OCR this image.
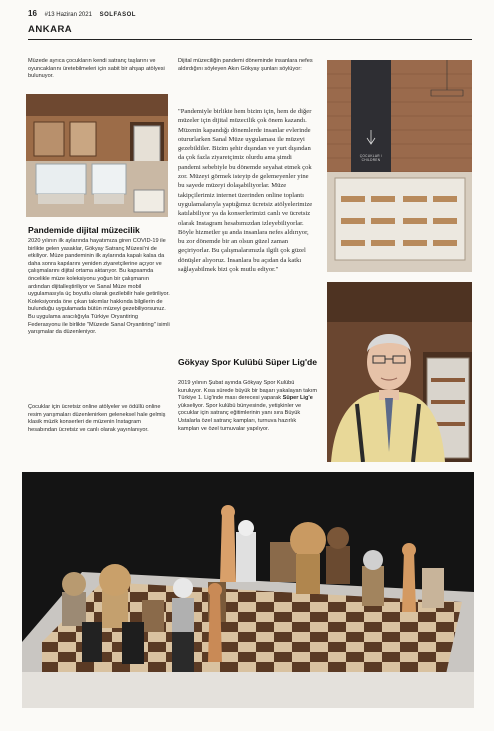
16 #13 Haziran 2021 SOLFASOL
ANKARA

Müzede ayrıca çocukların kendi satranç taşlarını ve oyuncaklarını üretebilmeleri için sabit bir ahşap atölyesi bulunuyor.

Pandemide dijital müzecilik

2020 yılının ilk aylarında hayatımıza giren COVID-19 ile birlikte gelen yasaklar, Gökyay Satranç Müzesi'ni de etkiliyor. Müze pandeminin ilk aylarında kapalı kalsa da daha sonra kapılarını yeniden ziyaretçilerine açıyor ve çalışmalarını dijital ortama aktarıyor. Bu kapsamda öncelikle müze koleksiyonu yoğun bir çalışmanın ardından dijitalleştiriliyor ve Sanal Müze mobil uygulamasıyla üç boyutlu olarak gezilebilir hale getiriliyor. Koleksiyonda öne çıkan takımlar hakkında bilgilerin de bulunduğu uygulamada bütün müzeyi gezebiliyorsunuz. Bu uygulama aracılığıyla Türkiye Oryantiring Federasyonu ile birlikte "Müzede Sanal Oryantiring" isimli yarışmalar da düzenleniyor.

Çocuklar için ücretsiz online atölyeler ve ödüllü online resim yarışmaları düzenlenirken geleneksel hale gelmiş klasik müzik konserleri de müzenin Instagram hesabından ücretsiz ve canlı olarak yayınlanıyor.

Dijital müzeciliğin pandemi döneminde insanlara nefes aldırdığını söyleyen Akın Gökyay şunları söylüyor:

"Pandemiyle birlikte hem bizim için, hem de diğer müzeler için dijital müzecilik çok önem kazandı. Müzenin kapandığı dönemlerde insanlar evlerinde otururlarken Sanal Müze uygulaması ile müzeyi gezebildiler. Bizim şehir dışından ve yurt dışından da çok fazla ziyaretçimiz olurdu ama şimdi pandemi sebebiyle bu dönemde seyahat etmek çok zor. Müzeyi görmek isteyip de gelemeyenler yine bu sayede müzeyi dolaşabiliyorlar. Müze takipçilerimiz internet üzerinden online toplantı uygulamalarıyla yaptığımız ücretsiz atölyelerimize katılabiliyor ya da konserlerimizi canlı ve ücretsiz olarak Instagram hesabımızdan izleyebiliyorlar. Böyle hizmetler şu anda insanlara nefes aldırıyor, bu zor dönemde bir an olsun güzel zaman geçiriyorlar. Bu çalışmalarımızla ilgili çok güzel dönüşler alıyoruz. İnsanlara bu açıdan da katkı sağlayabilmek bizi çok mutlu ediyor."

Gökyay Spor Kulübü Süper Lig'de

2019 yılının Şubat ayında Gökyay Spor Kulübü kuruluyor. Kısa sürede büyük bir başarı yakalayan takım Türkiye 1. Lig'inde ması derecesi yaparak Süper Lig'e yükseliyor. Spor kulübü bünyesinde, yetişkinler ve çocuklar için satranç eğitimlerinin yanı sıra Büyük Ustalarla özel satranç kampları, turnuva hazırlık kampları ve özel turnuvalar yapılıyor.

ÇOCUKLAR / CHILDREN
